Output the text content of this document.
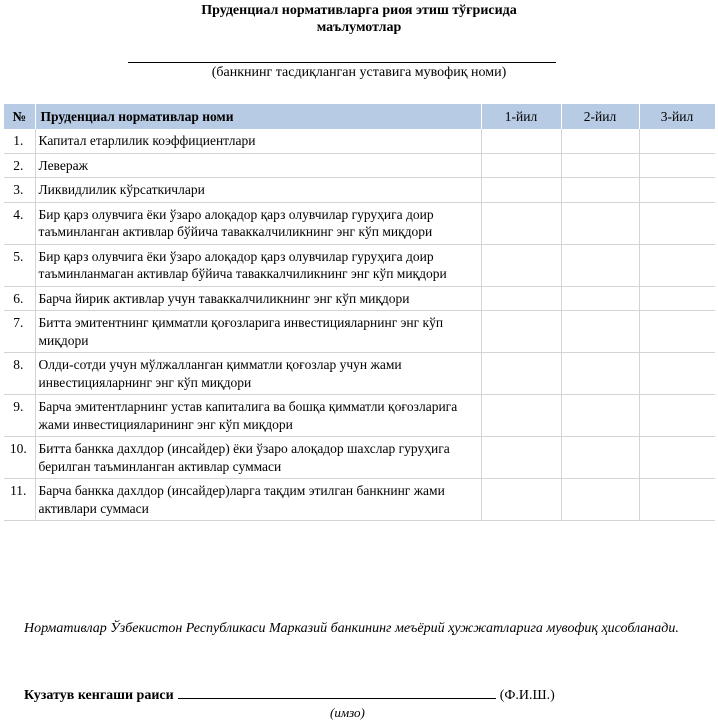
Пруденциал нормативларга риоя этиш тўғрисида
маълумотлар
(банкнинг тасдиқланган уставига мувофиқ номи)
№	Пруденциал нормативлар номи	1-йил	2-йил	3-йил
1.	Капитал етарлилик коэффициентлари			
2.	Левераж			
3.	Ликвидлилик кўрсаткичлари			
4.	Бир қарз олувчига ёки ўзаро алоқадор қарз олувчилар гуруҳига доир таъминланган активлар бўйича таваккалчиликнинг энг кўп миқдори			
5.	Бир қарз олувчига ёки ўзаро алоқадор қарз олувчилар гуруҳига доир таъминланмаган активлар бўйича таваккалчиликнинг энг кўп миқдори			
6.	Барча йирик активлар учун таваккалчиликнинг энг кўп миқдори			
7.	Битта эмитентнинг қимматли қоғозларига инвестицияларнинг энг кўп миқдори			
8.	Олди-сотди учун мўлжалланган қимматли қоғозлар учун жами инвестицияларнинг энг кўп миқдори			
9.	Барча эмитентларнинг устав капиталига ва бошқа қимматли қоғозларига жами инвестицияларининг энг кўп миқдори			
10.	Битта банкка дахлдор (инсайдер) ёки ўзаро алоқадор шахслар гуруҳига берилган таъминланган активлар суммаси			
11.	Барча банкка дахлдор (инсайдер)ларга тақдим этилган банкнинг жами активлари суммаси			
Нормативлар Ўзбекистон Республикаси Марказий банкининг меъёрий ҳужжатларига мувофиқ ҳисобланади.
Кузатув кенгаши раиси	(Ф.И.Ш.)
(имзо)
